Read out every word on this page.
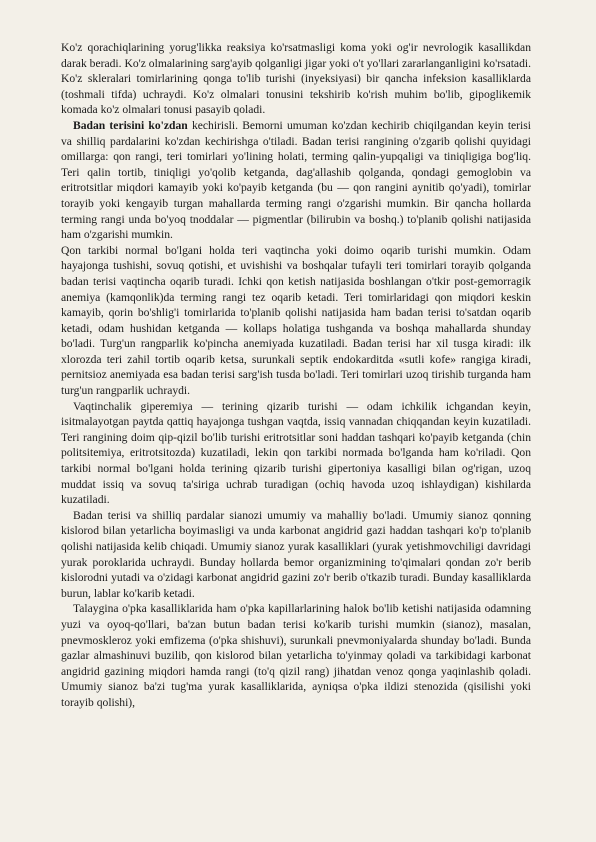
Ko'z qorachiqlarining yorug'likka reaksiya ko'rsatmasligi koma yoki og'ir nevrologik kasallikdan darak beradi. Ko'z olmalarining sarg'ayib qolganligi jigar yoki o't yo'llari zararlanganligini ko'rsatadi. Ko'z skleralari tomirlarining qonga to'lib turishi (inyeksiyasi) bir qancha infeksion kasalliklarda (toshmali tifda) uchraydi. Ko'z olmalari tonusini tekshirib ko'rish muhim bo'lib, gipoglikemik komada ko'z olmalari tonusi pasayib qoladi.

Badan terisini ko'zdan kechirisli. Bemorni umuman ko'zdan kechirib chiqilgandan keyin terisi va shilliq pardalarini ko'zdan kechirishga o'tiladi. Badan terisi rangining o'zgarib qolishi quyidagi omillarga: qon rangi, teri tomirlari yo'lining holati, terming qalin-yupqaligi va tiniqligiga bog'liq. Teri qalin tortib, tiniqligi yo'qolib ketganda, dag'allashib qolganda, qondagi gemoglobin va eritrotsitlar miqdori kamayib yoki ko'payib ketganda (bu — qon rangini aynitib qo'yadi), tomirlar torayib yoki kengayib turgan mahallarda terming rangi o'zgarishi mumkin. Bir qancha hollarda terming rangi unda bo'yoq tnoddalar — pigmentlar (bilirubin va boshq.) to'planib qolishi natijasida ham o'zgarishi mumkin.

Qon tarkibi normal bo'lgani holda teri vaqtincha yoki doimo oqarib turishi mumkin. Odam hayajonga tushishi, sovuq qotishi, et uvishishi va boshqalar tufayli teri tomirlari torayib qolganda badan terisi vaqtincha oqarib turadi. Ichki qon ketish natijasida boshlangan o'tkir post-gemorragik anemiya (kamqonlik)da terming rangi tez oqarib ketadi. Teri tomirlaridagi qon miqdori keskin kamayib, qorin bo'shlig'i tomirlarida to'planib qolishi natijasida ham badan terisi to'satdan oqarib ketadi, odam hushidan ketganda — kollaps holatiga tushganda va boshqa mahallarda shunday bo'ladi. Turg'un rangparlik ko'pincha anemiyada kuzatiladi. Badan terisi har xil tusga kiradi: ilk xlorozda teri zahil tortib oqarib ketsa, surunkali septik endokarditda «sutli kofe» rangiga kiradi, pernitsioz anemiyada esa badan terisi sarg'ish tusda bo'ladi. Teri tomirlari uzoq tirishib turganda ham turg'un rangparlik uchraydi.

Vaqtinchalik giperemiya — terining qizarib turishi — odam ichkilik ichgandan keyin, isitmalayotgan paytda qattiq hayajonga tushgan vaqtda, issiq vannadan chiqqandan keyin kuzatiladi. Teri rangining doim qip-qizil bo'lib turishi eritrotsitlar soni haddan tashqari ko'payib ketganda (chin politsitemiya, eritrotsitozda) kuzatiladi, lekin qon tarkibi normada bo'lganda ham ko'riladi. Qon tarkibi normal bo'lgani holda terining qizarib turishi gipertoniya kasalligi bilan og'rigan, uzoq muddat issiq va sovuq ta'siriga uchrab turadigan (ochiq havoda uzoq ishlaydigan) kishilarda kuzatiladi.

Badan terisi va shilliq pardalar sianozi umumiy va mahalliy bo'ladi. Umumiy sianoz qonning kislorod bilan yetarlicha boyimasligi va unda karbonat angidrid gazi haddan tashqari ko'p to'planib qolishi natijasida kelib chiqadi. Umumiy sianoz yurak kasalliklari (yurak yetishmovchiligi davridagi yurak poroklarida uchraydi. Bunday hollarda bemor organizmining to'qimalari qondan zo'r berib kislorodni yutadi va o'zidagi karbonat angidrid gazini zo'r berib o'tkazib turadi. Bunday kasalliklarda burun, lablar ko'karib ketadi.

Talaygina o'pka kasalliklarida ham o'pka kapillarlarining halok bo'lib ketishi natijasida odamning yuzi va oyoq-qo'llari, ba'zan butun badan terisi ko'karib turishi mumkin (sianoz), masalan, pnevmoskleroz yoki emfizema (o'pka shishuvi), surunkali pnevmoniyalarda shunday bo'ladi. Bunda gazlar almashinuvi buzilib, qon kislorod bilan yetarlicha to'yinmay qoladi va tarkibidagi karbonat angidrid gazining miqdori hamda rangi (to'q qizil rang) jihatdan venoz qonga yaqinlashib qoladi. Umumiy sianoz ba'zi tug'ma yurak kasalliklarida, ayniqsa o'pka ildizi stenozida (qisilishi yoki torayib qolishi),
